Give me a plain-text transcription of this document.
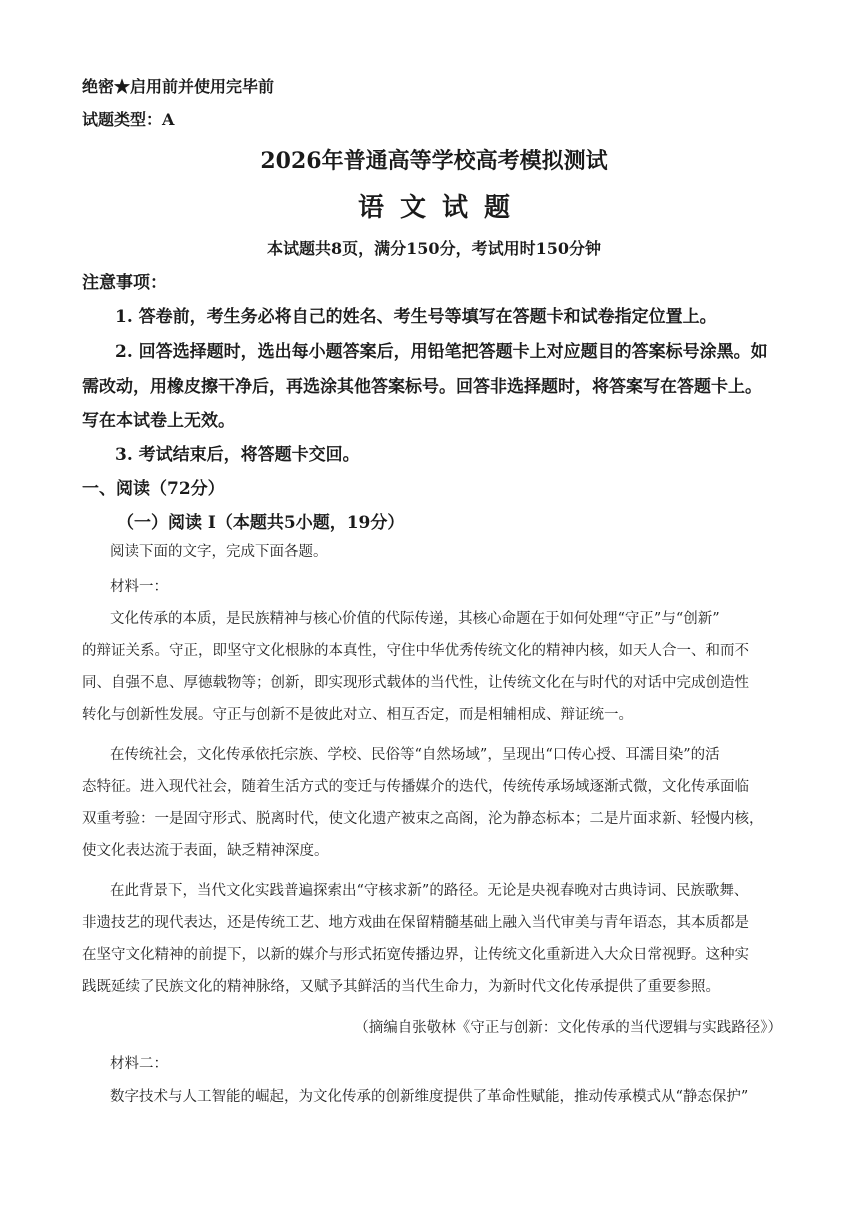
绝密★启用前并使用完毕前
试题类型：A
2026年普通高等学校高考模拟测试
语文试题
本试题共8页，满分150分，考试用时150分钟
注意事项：
1. 答卷前，考生务必将自己的姓名、考生号等填写在答题卡和试卷指定位置上。
2. 回答选择题时，选出每小题答案后，用铅笔把答题卡上对应题目的答案标号涂黑。如
需改动，用橡皮擦干净后，再选涂其他答案标号。回答非选择题时，将答案写在答题卡上。
写在本试卷上无效。
3. 考试结束后，将答题卡交回。
一、阅读（72分）
（一）阅读 I（本题共5小题，19分）
阅读下面的文字，完成下面各题。
材料一：
文化传承的本质，是民族精神与核心价值的代际传递，其核心命题在于如何处理“守正”与“创新”
的辩证关系。守正，即坚守文化根脉的本真性，守住中华优秀传统文化的精神内核，如天人合一、和而不
同、自强不息、厚德载物等；创新，即实现形式载体的当代性，让传统文化在与时代的对话中完成创造性
转化与创新性发展。守正与创新不是彼此对立、相互否定，而是相辅相成、辩证统一。
在传统社会，文化传承依托宗族、学校、民俗等“自然场域”，呈现出“口传心授、耳濡目染”的活
态特征。进入现代社会，随着生活方式的变迁与传播媒介的迭代，传统传承场域逐渐式微，文化传承面临
双重考验：一是固守形式、脱离时代，使文化遗产被束之高阁，沦为静态标本；二是片面求新、轻慢内核，
使文化表达流于表面，缺乏精神深度。
在此背景下，当代文化实践普遍探索出“守核求新”的路径。无论是央视春晚对古典诗词、民族歌舞、
非遗技艺的现代表达，还是传统工艺、地方戏曲在保留精髓基础上融入当代审美与青年语态，其本质都是
在坚守文化精神的前提下，以新的媒介与形式拓宽传播边界，让传统文化重新进入大众日常视野。这种实
践既延续了民族文化的精神脉络，又赋予其鲜活的当代生命力，为新时代文化传承提供了重要参照。
（摘编自张敬林《守正与创新：文化传承的当代逻辑与实践路径》）
材料二：
数字技术与人工智能的崛起，为文化传承的创新维度提供了革命性赋能，推动传承模式从“静态保护”
